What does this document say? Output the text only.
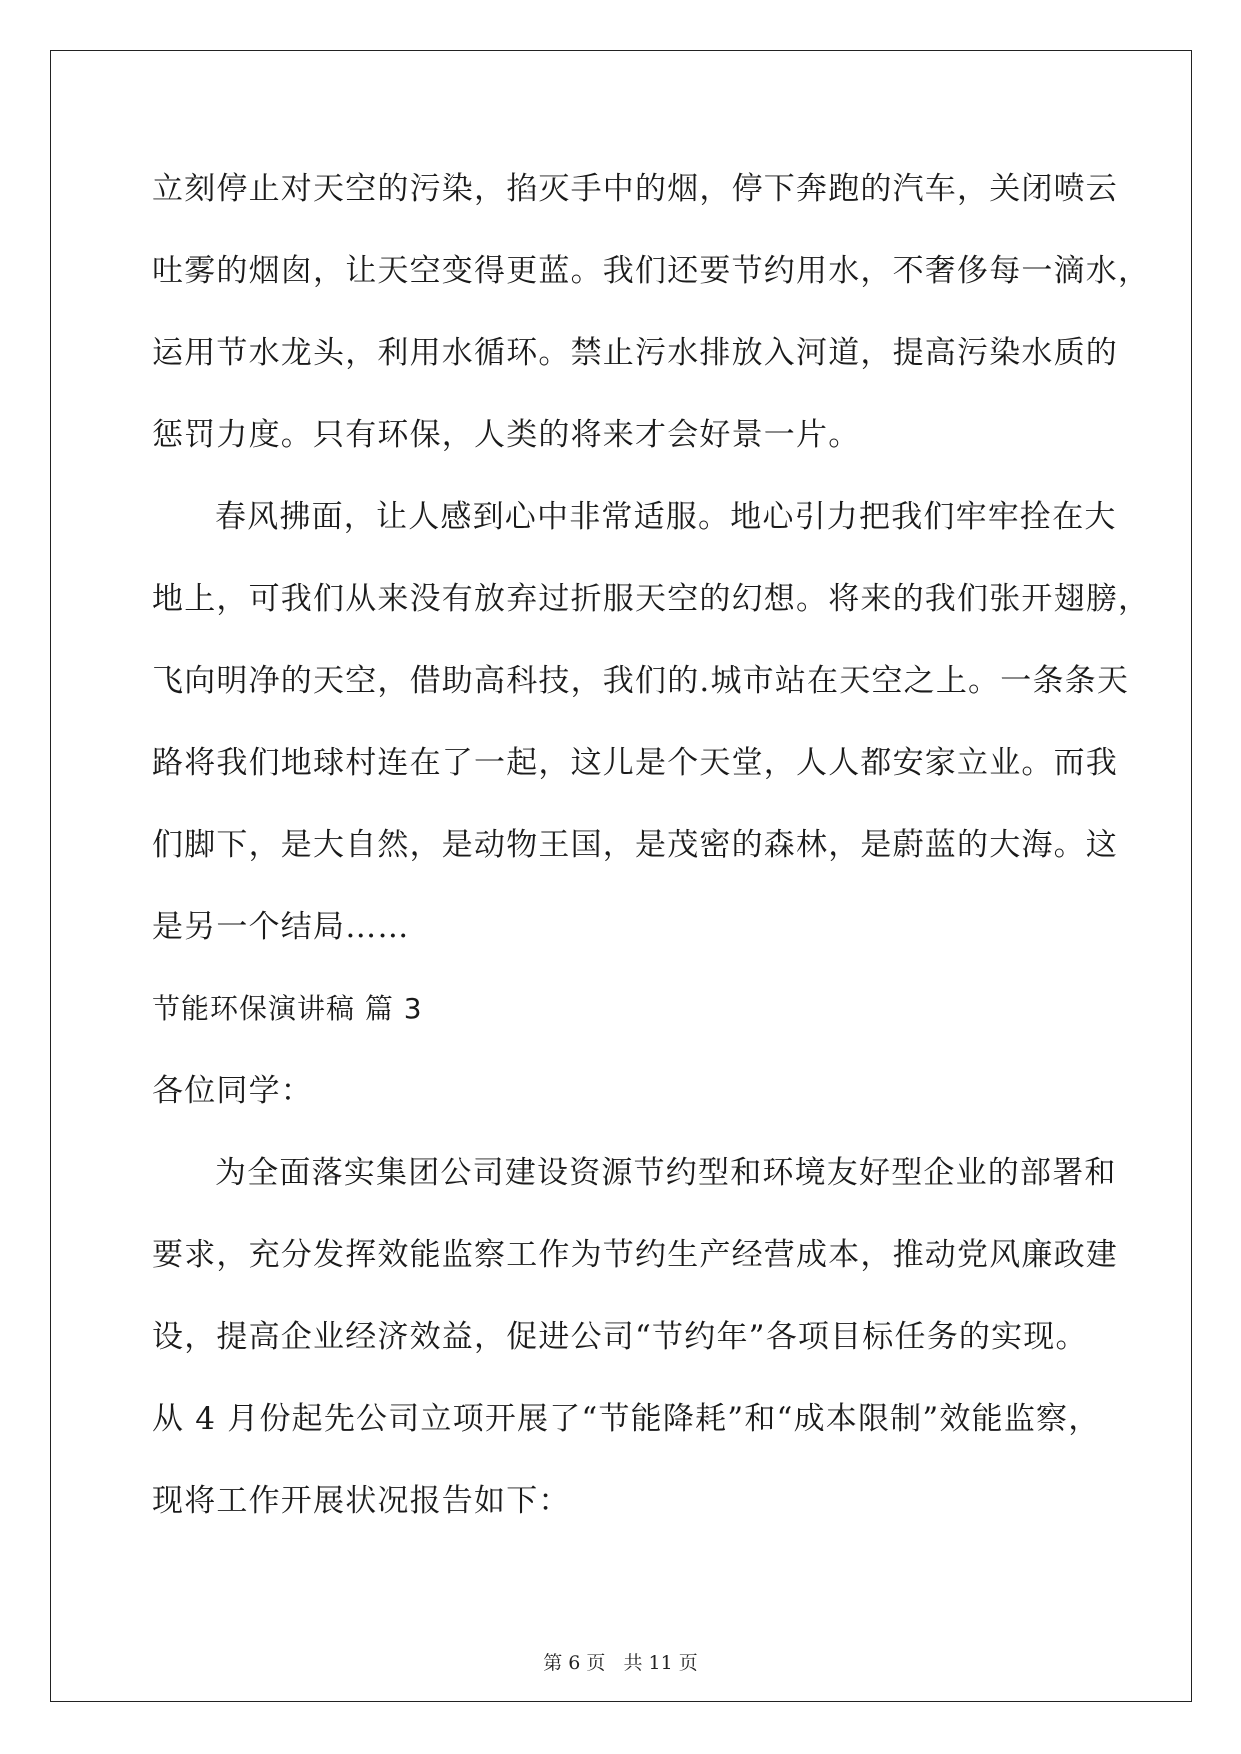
立刻停止对天空的污染，掐灭手中的烟，停下奔跑的汽车，关闭喷云
吐雾的烟囱，让天空变得更蓝。我们还要节约用水，不奢侈每一滴水，
运用节水龙头，利用水循环。禁止污水排放入河道，提高污染水质的
惩罚力度。只有环保，人类的将来才会好景一片。
春风拂面，让人感到心中非常适服。地心引力把我们牢牢拴在大
地上，可我们从来没有放弃过折服天空的幻想。将来的我们张开翅膀，
飞向明净的天空，借助高科技，我们的.城市站在天空之上。一条条天
路将我们地球村连在了一起，这儿是个天堂，人人都安家立业。而我
们脚下，是大自然，是动物王国，是茂密的森林，是蔚蓝的大海。这
是另一个结局……
节能环保演讲稿 篇 3
各位同学：
为全面落实集团公司建设资源节约型和环境友好型企业的部署和
要求，充分发挥效能监察工作为节约生产经营成本，推动党风廉政建
设，提高企业经济效益，促进公司“节约年”各项目标任务的实现。
从 4 月份起先公司立项开展了“节能降耗”和“成本限制”效能监察，
现将工作开展状况报告如下：
第 6 页 共 11 页
